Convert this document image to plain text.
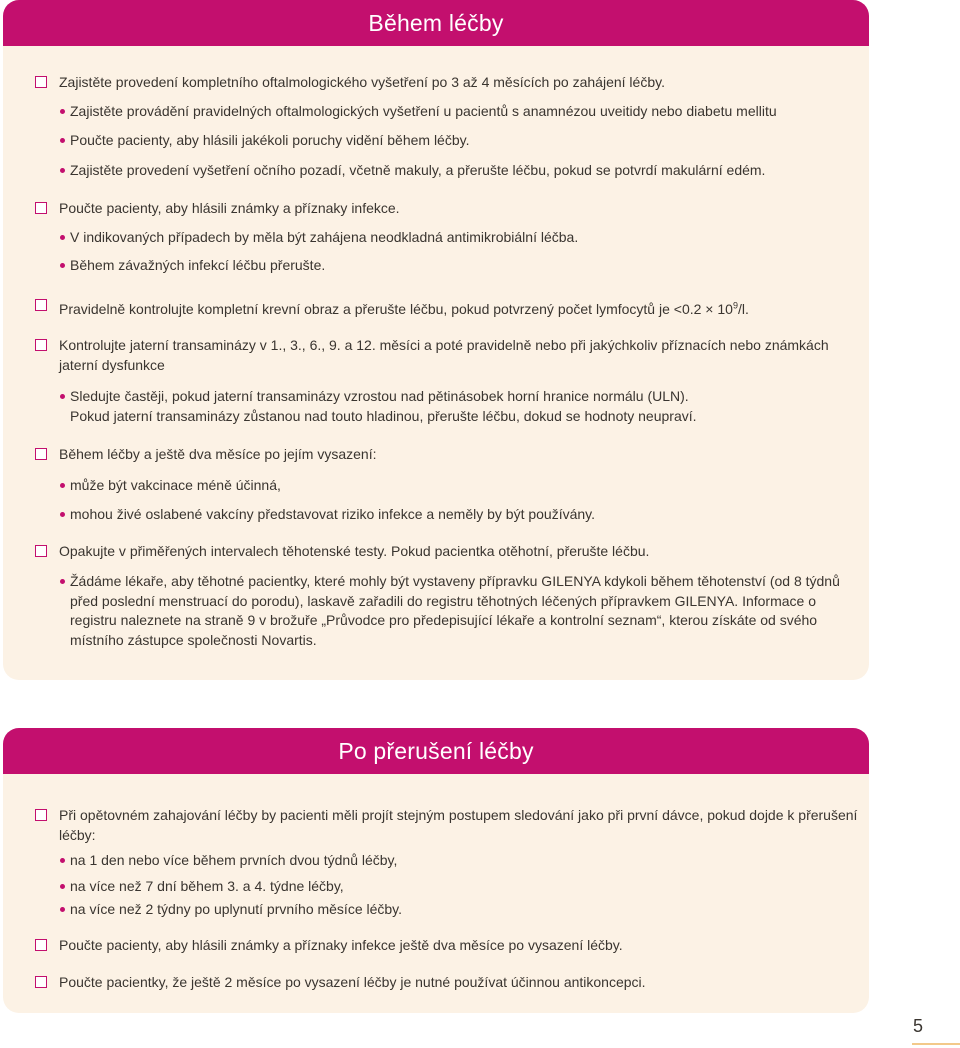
Během léčby
Zajistěte provedení kompletního oftalmologického vyšetření po 3 až 4 měsících po zahájení léčby.
Zajistěte provádění pravidelných oftalmologických vyšetření u pacientů s anamnézou uveitidy nebo diabetu mellitu
Poučte pacienty, aby hlásili jakékoli poruchy vidění během léčby.
Zajistěte provedení vyšetření očního pozadí, včetně makuly, a přerušte léčbu, pokud se potvrdí makulární edém.
Poučte pacienty, aby hlásili známky a příznaky infekce.
V indikovaných případech by měla být zahájena neodkladná antimikrobiální léčba.
Během závažných infekcí léčbu přerušte.
Pravidelně kontrolujte kompletní krevní obraz a přerušte léčbu, pokud potvrzený počet lymfocytů je $<0.2 \times 10^9/l$.
Kontrolujte jaterní transaminázy v 1., 3., 6., 9. a 12. měsíci a poté pravidelně nebo při jakýchkoliv příznacích nebo známkách jaterní dysfunkce
Sledujte častěji, pokud jaterní transaminázy vzrostou nad pětinásobek horní hranice normálu (ULN).
Pokud jaterní transaminázy zůstanou nad touto hladinou, přerušte léčbu, dokud se hodnoty neupraví.
Během léčby a ještě dva měsíce po jejím vysazení:
může být vakcinace méně účinná,
mohou živé oslabené vakcíny představovat riziko infekce a neměly by být používány.
Opakujte v přiměřených intervalech těhotenské testy. Pokud pacientka otěhotní, přerušte léčbu.
Žádáme lékaře, aby těhotné pacientky, které mohly být vystaveny přípravku GILENYA kdykoli během těhotenství (od 8 týdnů před poslední menstruací do porodu), laskavě zařadili do registru těhotných léčených přípravkem GILENYA. Informace o registru naleznete na straně 9 v brožuře „Průvodce pro předepisující lékaře a kontrolní seznam“, kterou získáte od svého místního zástupce společnosti Novartis.
Po přerušení léčby
Při opětovném zahajování léčby by pacienti měli projít stejným postupem sledování jako při první dávce, pokud dojde k přerušení léčby:
na 1 den nebo více během prvních dvou týdnů léčby,
na více než 7 dní během 3. a 4. týdne léčby,
na více než 2 týdny po uplynutí prvního měsíce léčby.
Poučte pacienty, aby hlásili známky a příznaky infekce ještě dva měsíce po vysazení léčby.
Poučte pacientky, že ještě 2 měsíce po vysazení léčby je nutné používat účinnou antikoncepci.
5
